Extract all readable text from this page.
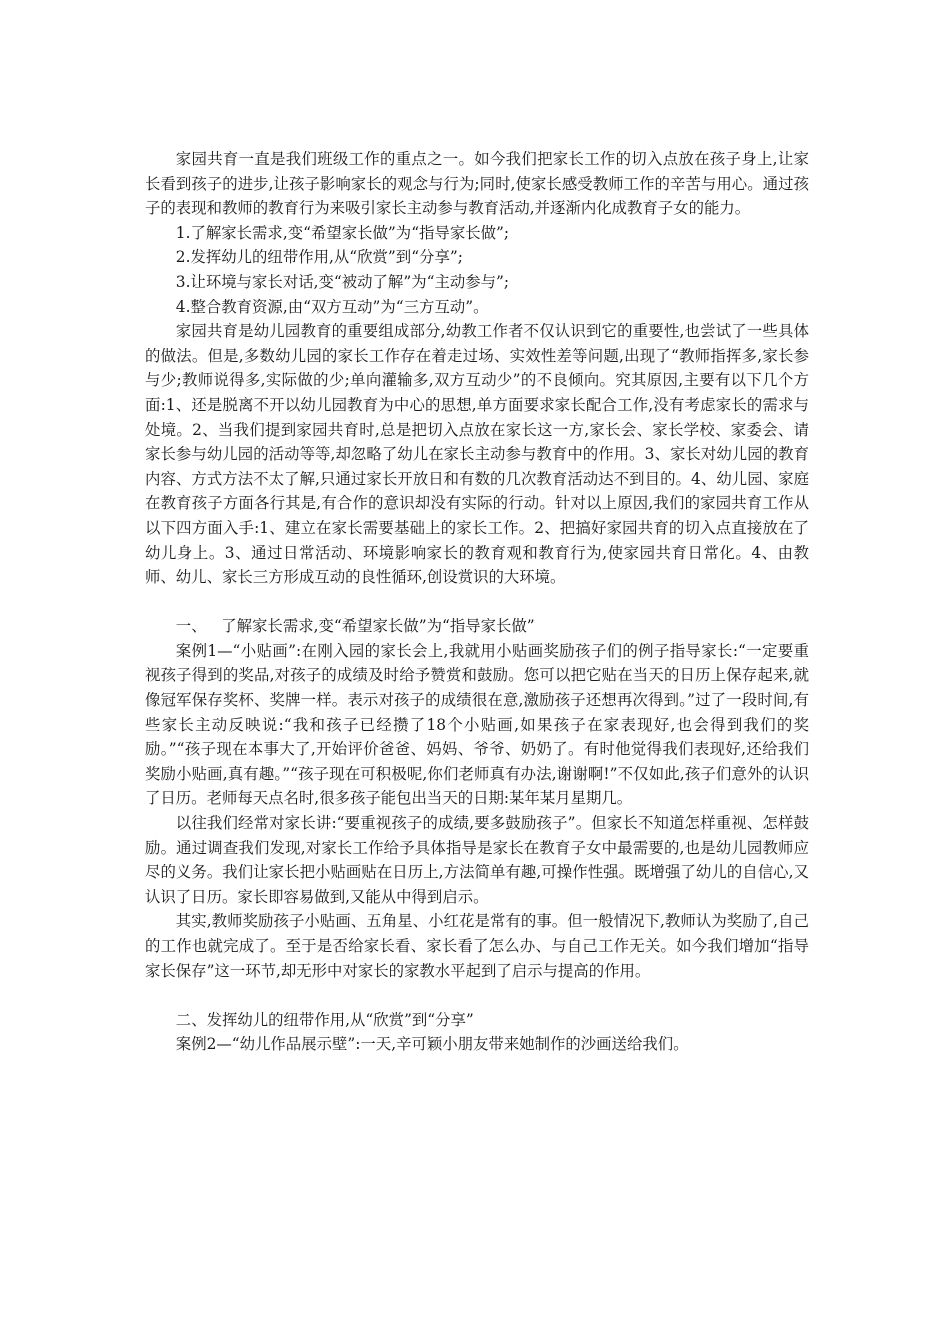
家园共育一直是我们班级工作的重点之一。如今我们把家长工作的切入点放在孩子身上,让家长看到孩子的进步,让孩子影响家长的观念与行为;同时,使家长感受教师工作的辛苦与用心。通过孩子的表现和教师的教育行为来吸引家长主动参与教育活动,并逐渐内化成教育子女的能力。

1.了解家长需求,变“希望家长做”为“指导家长做”;

2.发挥幼儿的纽带作用,从“欣赏”到“分享”;

3.让环境与家长对话,变“被动了解”为“主动参与”;

4.整合教育资源,由“双方互动”为“三方互动”。

家园共育是幼儿园教育的重要组成部分,幼教工作者不仅认识到它的重要性,也尝试了一些具体的做法。但是,多数幼儿园的家长工作存在着走过场、实效性差等问题,出现了“教师指挥多,家长参与少;教师说得多,实际做的少;单向灌输多,双方互动少”的不良倾向。究其原因,主要有以下几个方面:1、还是脱离不开以幼儿园教育为中心的思想,单方面要求家长配合工作,没有考虑家长的需求与处境。2、当我们提到家园共育时,总是把切入点放在家长这一方,家长会、家长学校、家委会、请家长参与幼儿园的活动等等,却忽略了幼儿在家长主动参与教育中的作用。3、家长对幼儿园的教育内容、方式方法不太了解,只通过家长开放日和有数的几次教育活动达不到目的。4、幼儿园、家庭在教育孩子方面各行其是,有合作的意识却没有实际的行动。针对以上原因,我们的家园共育工作从以下四方面入手:1、建立在家长需要基础上的家长工作。2、把搞好家园共育的切入点直接放在了幼儿身上。3、通过日常活动、环境影响家长的教育观和教育行为,使家园共育日常化。4、由教师、幼儿、家长三方形成互动的良性循环,创设赏识的大环境。

一、   了解家长需求,变“希望家长做”为“指导家长做”

案例1—“小贴画”:在刚入园的家长会上,我就用小贴画奖励孩子们的例子指导家长:“一定要重视孩子得到的奖品,对孩子的成绩及时给予赞赏和鼓励。您可以把它贴在当天的日历上保存起来,就像冠军保存奖杯、奖牌一样。表示对孩子的成绩很在意,激励孩子还想再次得到。”过了一段时间,有些家长主动反映说:“我和孩子已经攒了18个小贴画,如果孩子在家表现好,也会得到我们的奖励。”“孩子现在本事大了,开始评价爸爸、妈妈、爷爷、奶奶了。有时他觉得我们表现好,还给我们奖励小贴画,真有趣。”“孩子现在可积极呢,你们老师真有办法,谢谢啊!”不仅如此,孩子们意外的认识了日历。老师每天点名时,很多孩子能包出当天的日期:某年某月星期几。

以往我们经常对家长讲:“要重视孩子的成绩,要多鼓励孩子”。但家长不知道怎样重视、怎样鼓励。通过调查我们发现,对家长工作给予具体指导是家长在教育子女中最需要的,也是幼儿园教师应尽的义务。我们让家长把小贴画贴在日历上,方法简单有趣,可操作性强。既增强了幼儿的自信心,又认识了日历。家长即容易做到,又能从中得到启示。

其实,教师奖励孩子小贴画、五角星、小红花是常有的事。但一般情况下,教师认为奖励了,自己的工作也就完成了。至于是否给家长看、家长看了怎么办、与自己工作无关。如今我们增加“指导家长保存”这一环节,却无形中对家长的家教水平起到了启示与提高的作用。

二、发挥幼儿的纽带作用,从“欣赏”到“分享”

案例2—“幼儿作品展示壁”:一天,辛可颖小朋友带来她制作的沙画送给我们。
